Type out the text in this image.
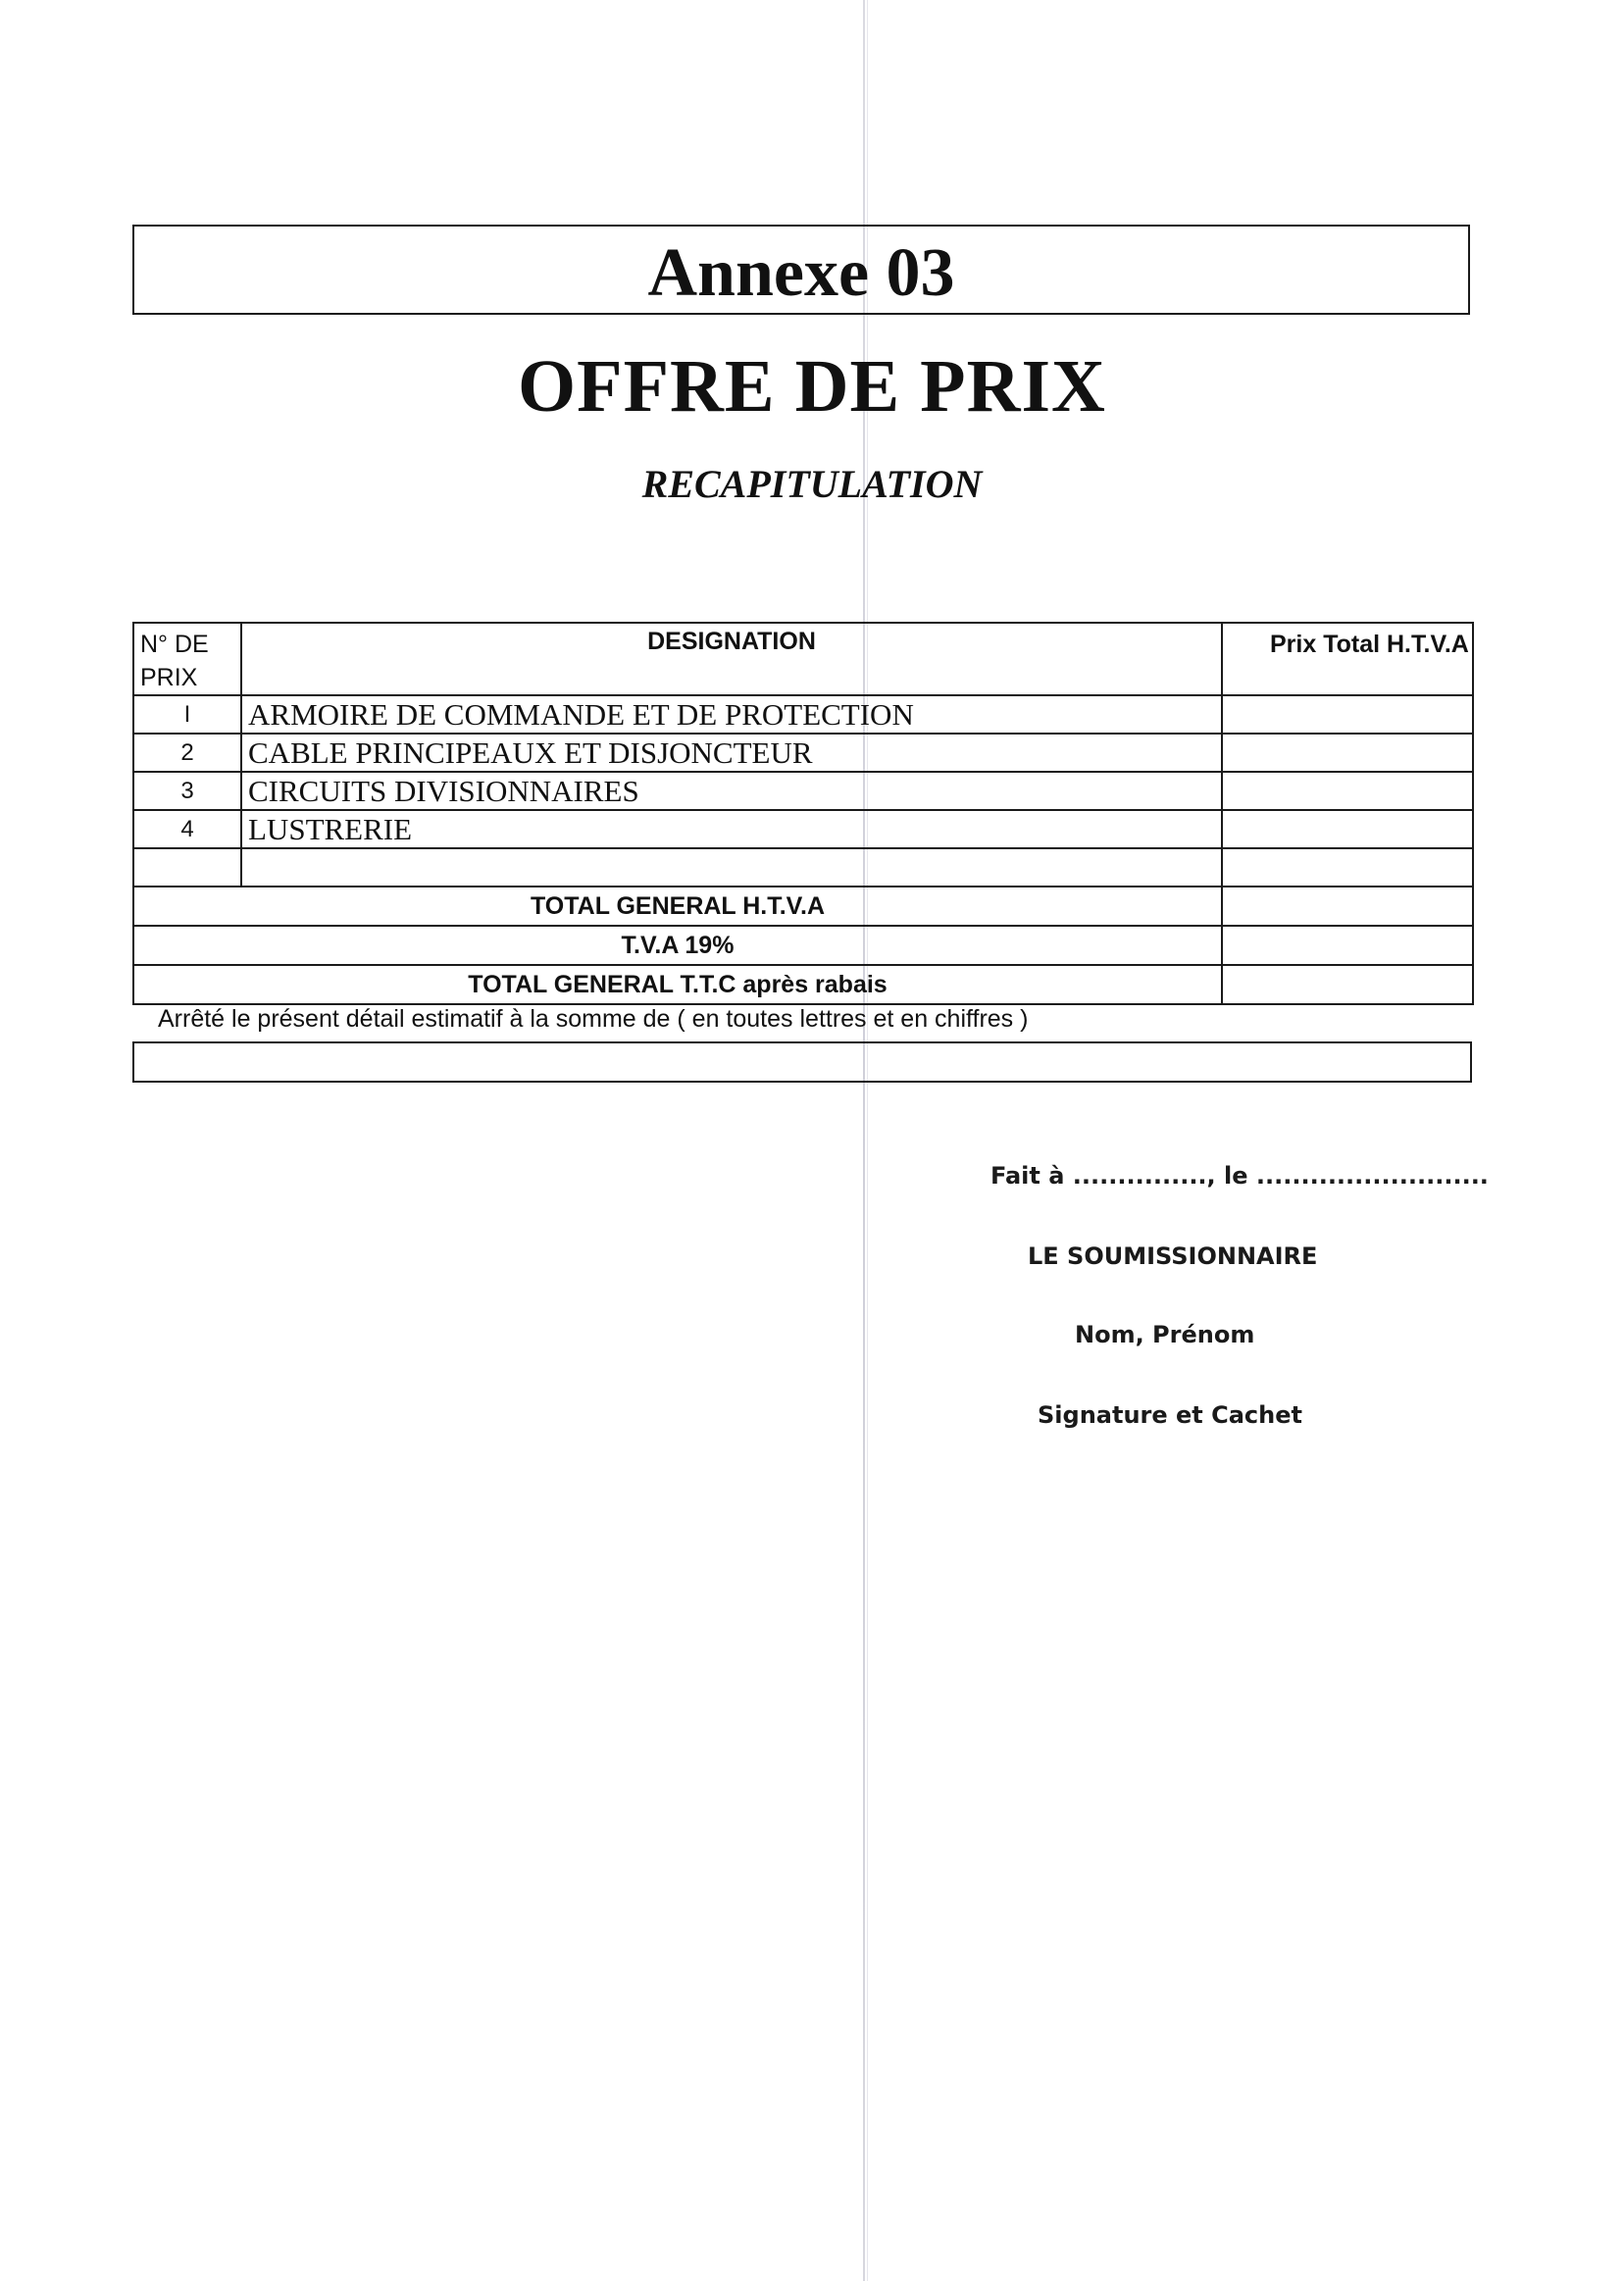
Annexe 03
OFFRE DE PRIX
RECAPITULATION
N° DE PRIX	DESIGNATION	Prix Total H.T.V.A
I	ARMOIRE DE COMMANDE ET DE PROTECTION	
2	CABLE PRINCIPEAUX ET DISJONCTEUR	
3	CIRCUITS DIVISIONNAIRES	
4	LUSTRERIE	

TOTAL GENERAL H.T.V.A		
T.V.A 19%		
TOTAL GENERAL T.T.C après rabais		
Arrêté le présent détail estimatif à la somme de ( en toutes lettres et en chiffres )
Fait à ..............., le ..........................
LE SOUMISSIONNAIRE
Nom, Prénom
Signature et Cachet
